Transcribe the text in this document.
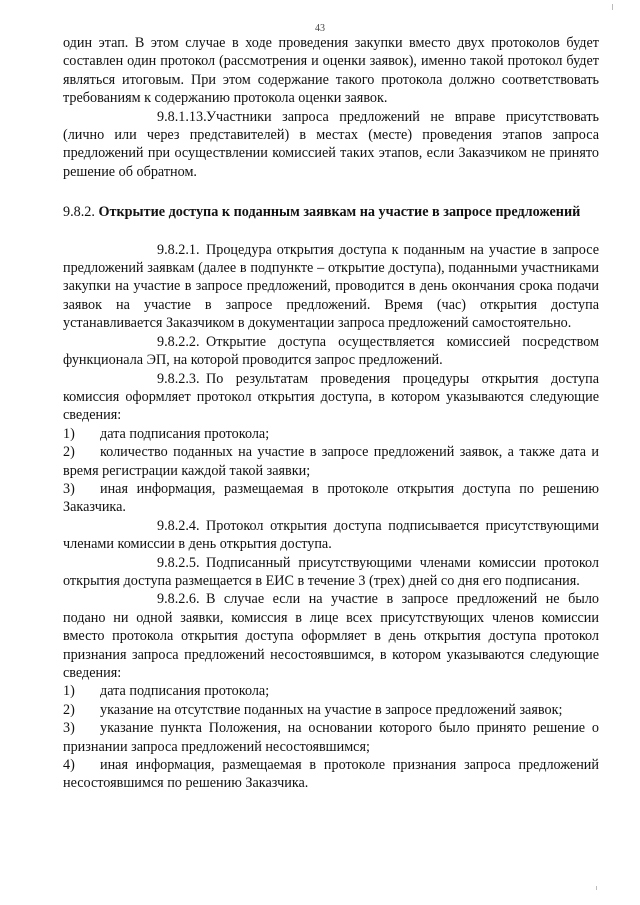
43

один этап. В этом случае в ходе проведения закупки вместо двух протоколов будет составлен один протокол (рассмотрения и оценки заявок), именно такой протокол будет являться итоговым. При этом содержание такого протокола должно соответствовать требованиям к содержанию протокола оценки заявок.

9.8.1.13.Участники запроса предложений не вправе присутствовать (лично или через представителей) в местах (месте) проведения этапов запроса предложений при осуществлении комиссией таких этапов, если Заказчиком не принято решение об обратном.

9.8.2. Открытие доступа к поданным заявкам на участие в запросе предложений

9.8.2.1. Процедура открытия доступа к поданным на участие в запросе предложений заявкам (далее в подпункте – открытие доступа), поданными участниками закупки на участие в запросе предложений, проводится в день окончания срока подачи заявок на участие в запросе предложений. Время (час) открытия доступа устанавливается Заказчиком в документации запроса предложений самостоятельно.

9.8.2.2. Открытие доступа осуществляется комиссией посредством функционала ЭП, на которой проводится запрос предложений.

9.8.2.3. По результатам проведения процедуры открытия доступа комиссия оформляет протокол открытия доступа, в котором указываются следующие сведения:

1) дата подписания протокола;

2) количество поданных на участие в запросе предложений заявок, а также дата и время регистрации каждой такой заявки;

3) иная информация, размещаемая в протоколе открытия доступа по решению Заказчика.

9.8.2.4. Протокол открытия доступа подписывается присутствующими членами комиссии в день открытия доступа.

9.8.2.5. Подписанный присутствующими членами комиссии протокол открытия доступа размещается в ЕИС в течение 3 (трех) дней со дня его подписания.

9.8.2.6. В случае если на участие в запросе предложений не было подано ни одной заявки, комиссия в лице всех присутствующих членов комиссии вместо протокола открытия доступа оформляет в день открытия доступа протокол признания запроса предложений несостоявшимся, в котором указываются следующие сведения:

1) дата подписания протокола;

2) указание на отсутствие поданных на участие в запросе предложений заявок;

3) указание пункта Положения, на основании которого было принято решение о признании запроса предложений несостоявшимся;

4) иная информация, размещаемая в протоколе признания запроса предложений несостоявшимся по решению Заказчика.
